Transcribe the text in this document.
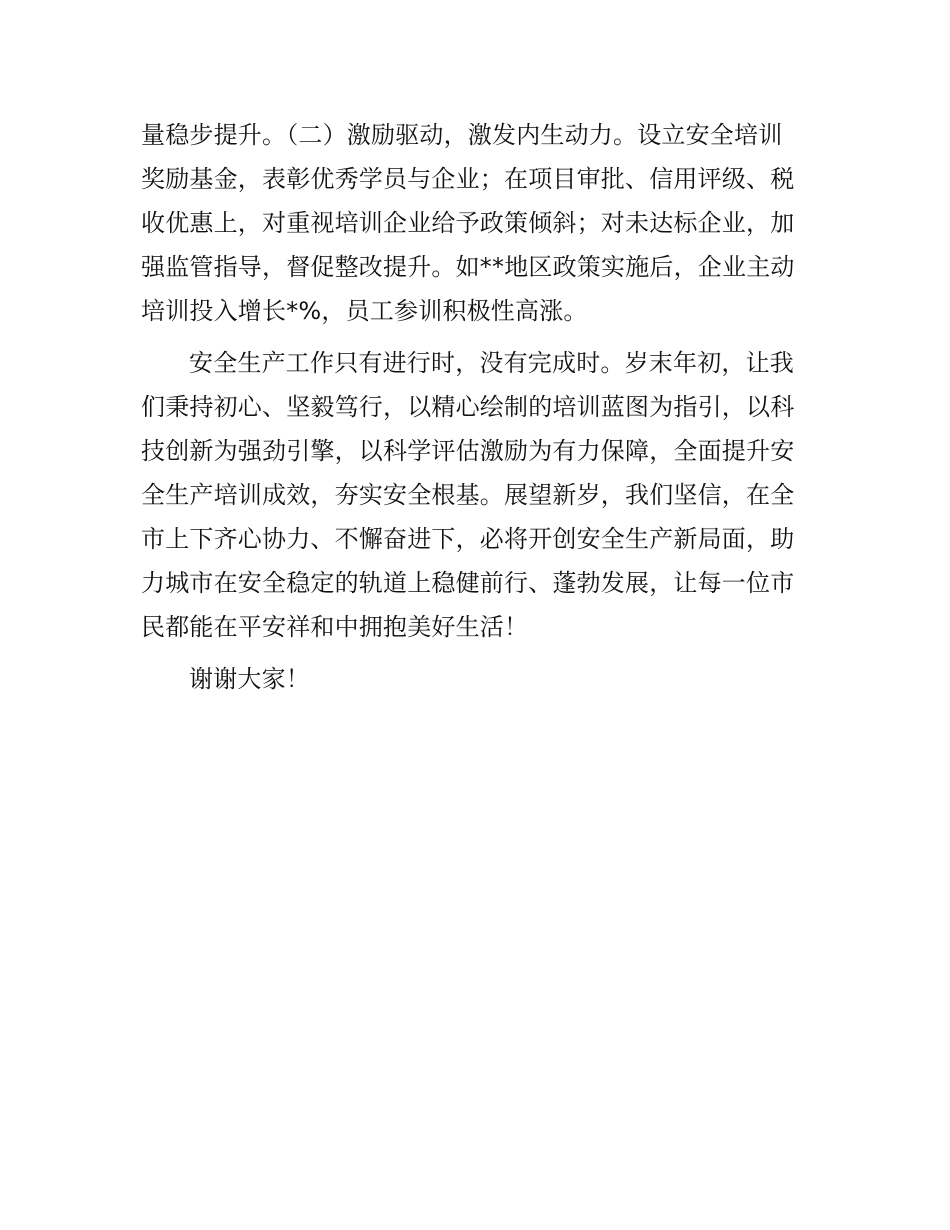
量稳步提升。（二）激励驱动，激发内生动力。设立安全培训
奖励基金，表彰优秀学员与企业；在项目审批、信用评级、税
收优惠上，对重视培训企业给予政策倾斜；对未达标企业，加
强监管指导，督促整改提升。如**地区政策实施后，企业主动
培训投入增长*%，员工参训积极性高涨。
安全生产工作只有进行时，没有完成时。岁末年初，让我
们秉持初心、坚毅笃行，以精心绘制的培训蓝图为指引，以科
技创新为强劲引擎，以科学评估激励为有力保障，全面提升安
全生产培训成效，夯实安全根基。展望新岁，我们坚信，在全
市上下齐心协力、不懈奋进下，必将开创安全生产新局面，助
力城市在安全稳定的轨道上稳健前行、蓬勃发展，让每一位市
民都能在平安祥和中拥抱美好生活！
谢谢大家！
